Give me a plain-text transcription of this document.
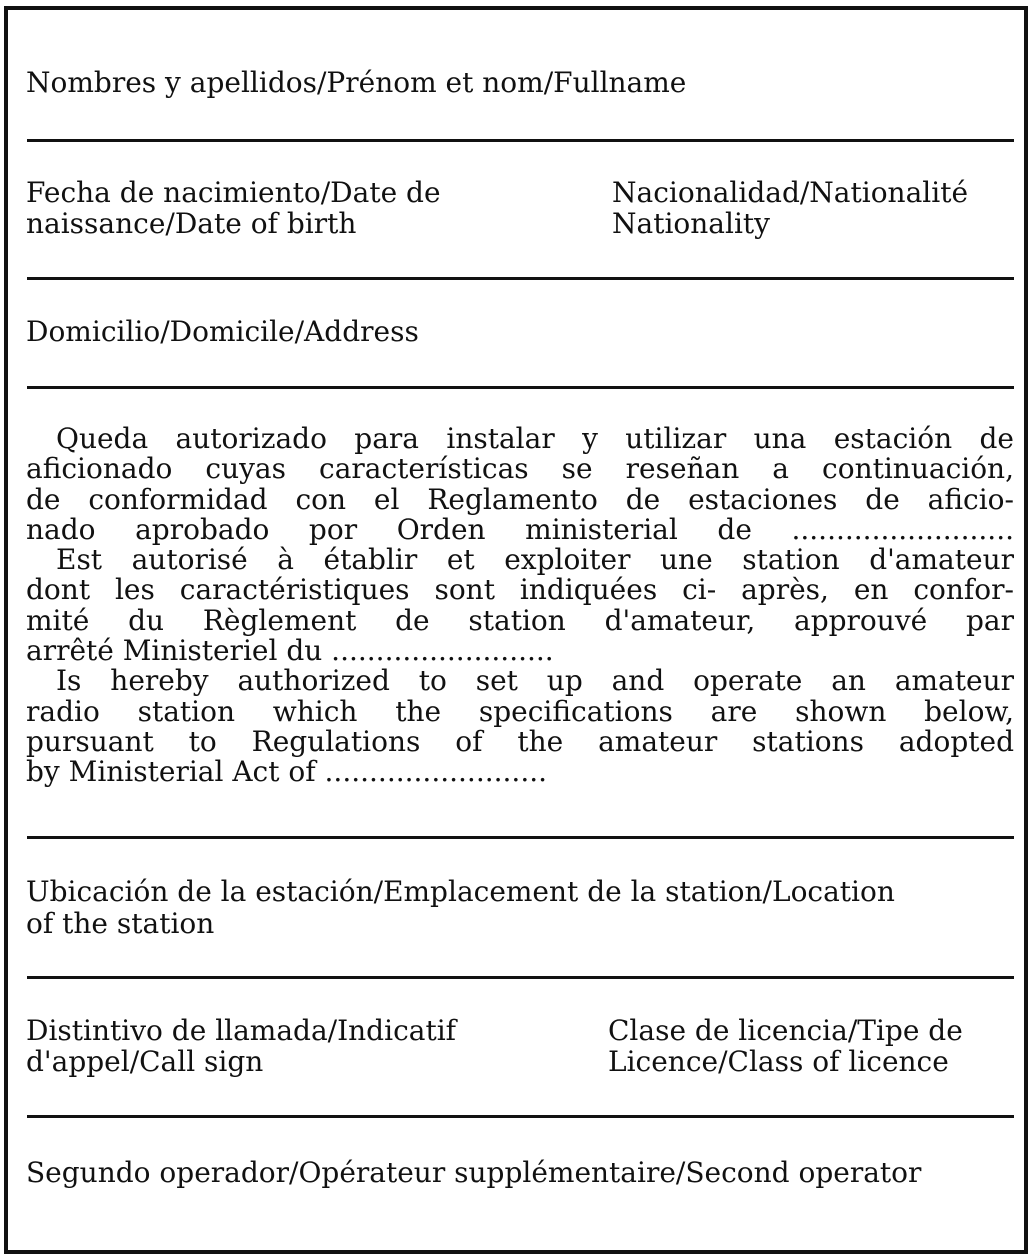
Nombres y apellidos/Prénom et nom/Fullname
Fecha de nacimiento/Date de
naissance/Date of birth
Nacionalidad/Nationalité
Nationality
Domicilio/Domicile/Address
Queda autorizado para instalar y utilizar una estación de
aficionado cuyas características se reseñan a continuación,
de conformidad con el Reglamento de estaciones de aficio-
nado aprobado por Orden ministerial de .........................
Est autorisé à établir et exploiter une station d'amateur
dont les caractéristiques sont indiquées ci- après, en confor-
mité du Règlement de station d'amateur, approuvé par
arrêté Ministeriel du .........................
Is hereby authorized to set up and operate an amateur
radio station which the specifications are shown below,
pursuant to Regulations of the amateur stations adopted
by Ministerial Act of .........................
Ubicación de la estación/Emplacement de la station/Location
of the station
Distintivo de llamada/Indicatif
d'appel/Call sign
Clase de licencia/Tipe de
Licence/Class of licence
Segundo operador/Opérateur supplémentaire/Second operator
